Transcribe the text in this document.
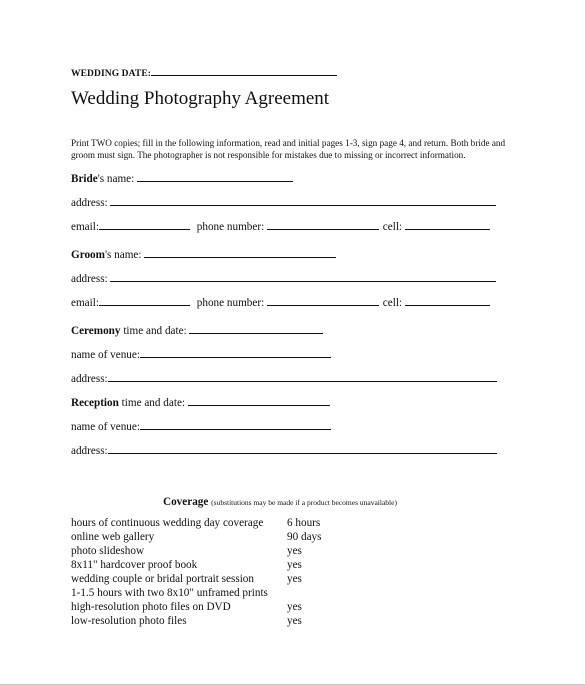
WEDDING DATE:
Wedding Photography Agreement
Print TWO copies; fill in the following information, read and initial pages 1-3, sign page 4, and return. Both bride and
groom must sign. The photographer is not responsible for mistakes due to missing or incorrect information.
Bride's name:
address:
email:	phone number:	cell:
Groom's name:
address:
email:	phone number:	cell:
Ceremony time and date:
name of venue:
address:
Reception time and date:
name of venue:
address:
Coverage (substitutions may be made if a product becomes unavailable)
hours of continuous wedding day coverage 6 hours
online web gallery	90 days
photo slideshow	yes
8x11" hardcover proof book	yes
wedding couple or bridal portrait session	yes
1-1.5 hours with two 8x10" unframed prints
high-resolution photo files on DVD	yes
low-resolution photo files	yes
